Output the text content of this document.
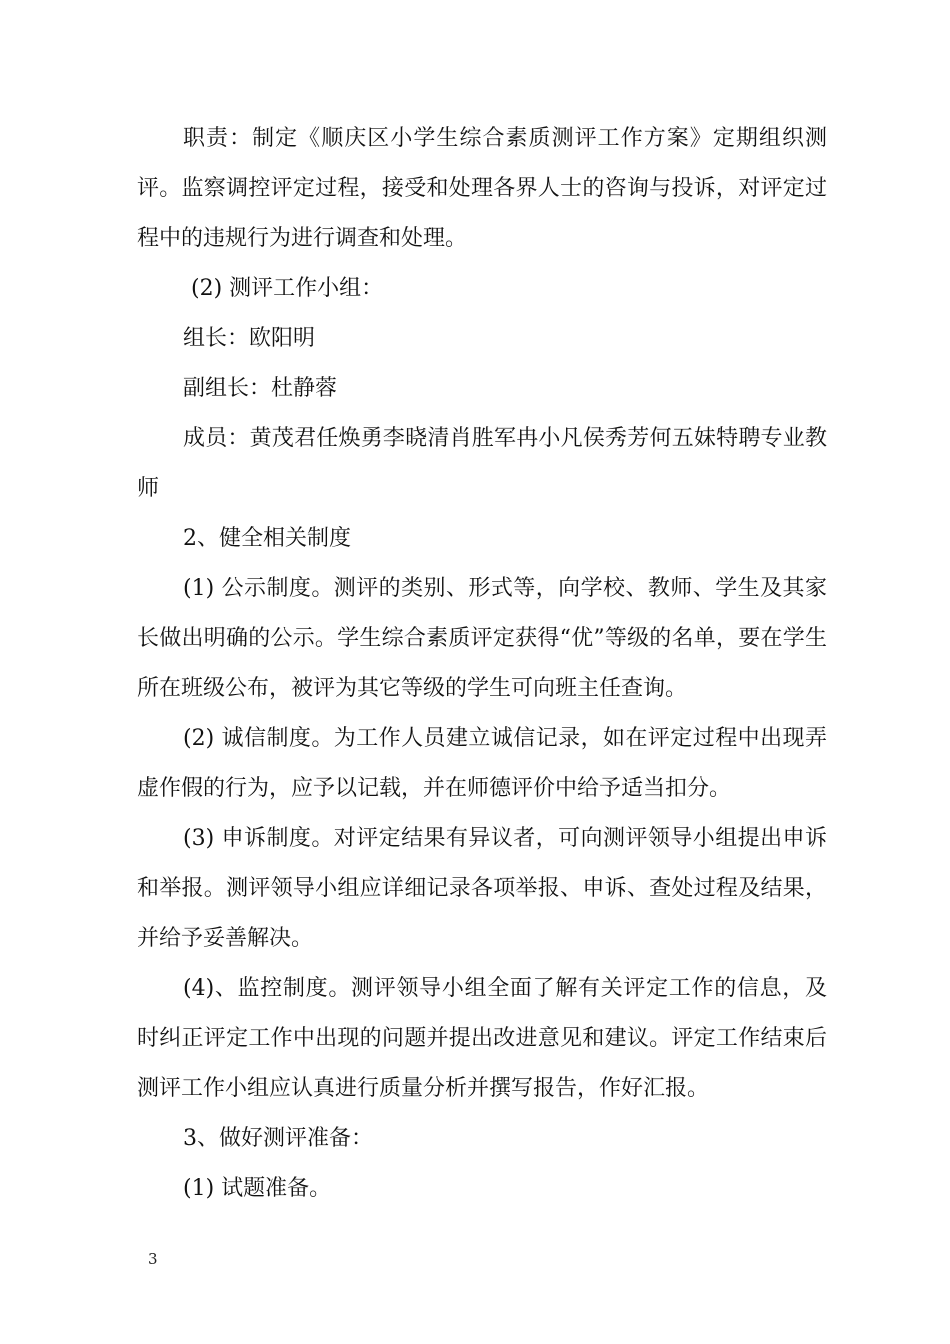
职责：制定《顺庆区小学生综合素质测评工作方案》定期组织测评。监察调控评定过程，接受和处理各界人士的咨询与投诉，对评定过程中的违规行为进行调查和处理。

(2) 测评工作小组：

组长：欧阳明

副组长：杜静蓉

成员：黄茂君任焕勇李晓清肖胜军冉小凡侯秀芳何五妹特聘专业教师

2、健全相关制度

(1) 公示制度。测评的类别、形式等，向学校、教师、学生及其家长做出明确的公示。学生综合素质评定获得“优”等级的名单，要在学生所在班级公布，被评为其它等级的学生可向班主任查询。

(2) 诚信制度。为工作人员建立诚信记录，如在评定过程中出现弄虚作假的行为，应予以记载，并在师德评价中给予适当扣分。

(3) 申诉制度。对评定结果有异议者，可向测评领导小组提出申诉和举报。测评领导小组应详细记录各项举报、申诉、查处过程及结果，并给予妥善解决。

(4)、监控制度。测评领导小组全面了解有关评定工作的信息，及时纠正评定工作中出现的问题并提出改进意见和建议。评定工作结束后测评工作小组应认真进行质量分析并撰写报告，作好汇报。

3、做好测评准备：

(1) 试题准备。

3
